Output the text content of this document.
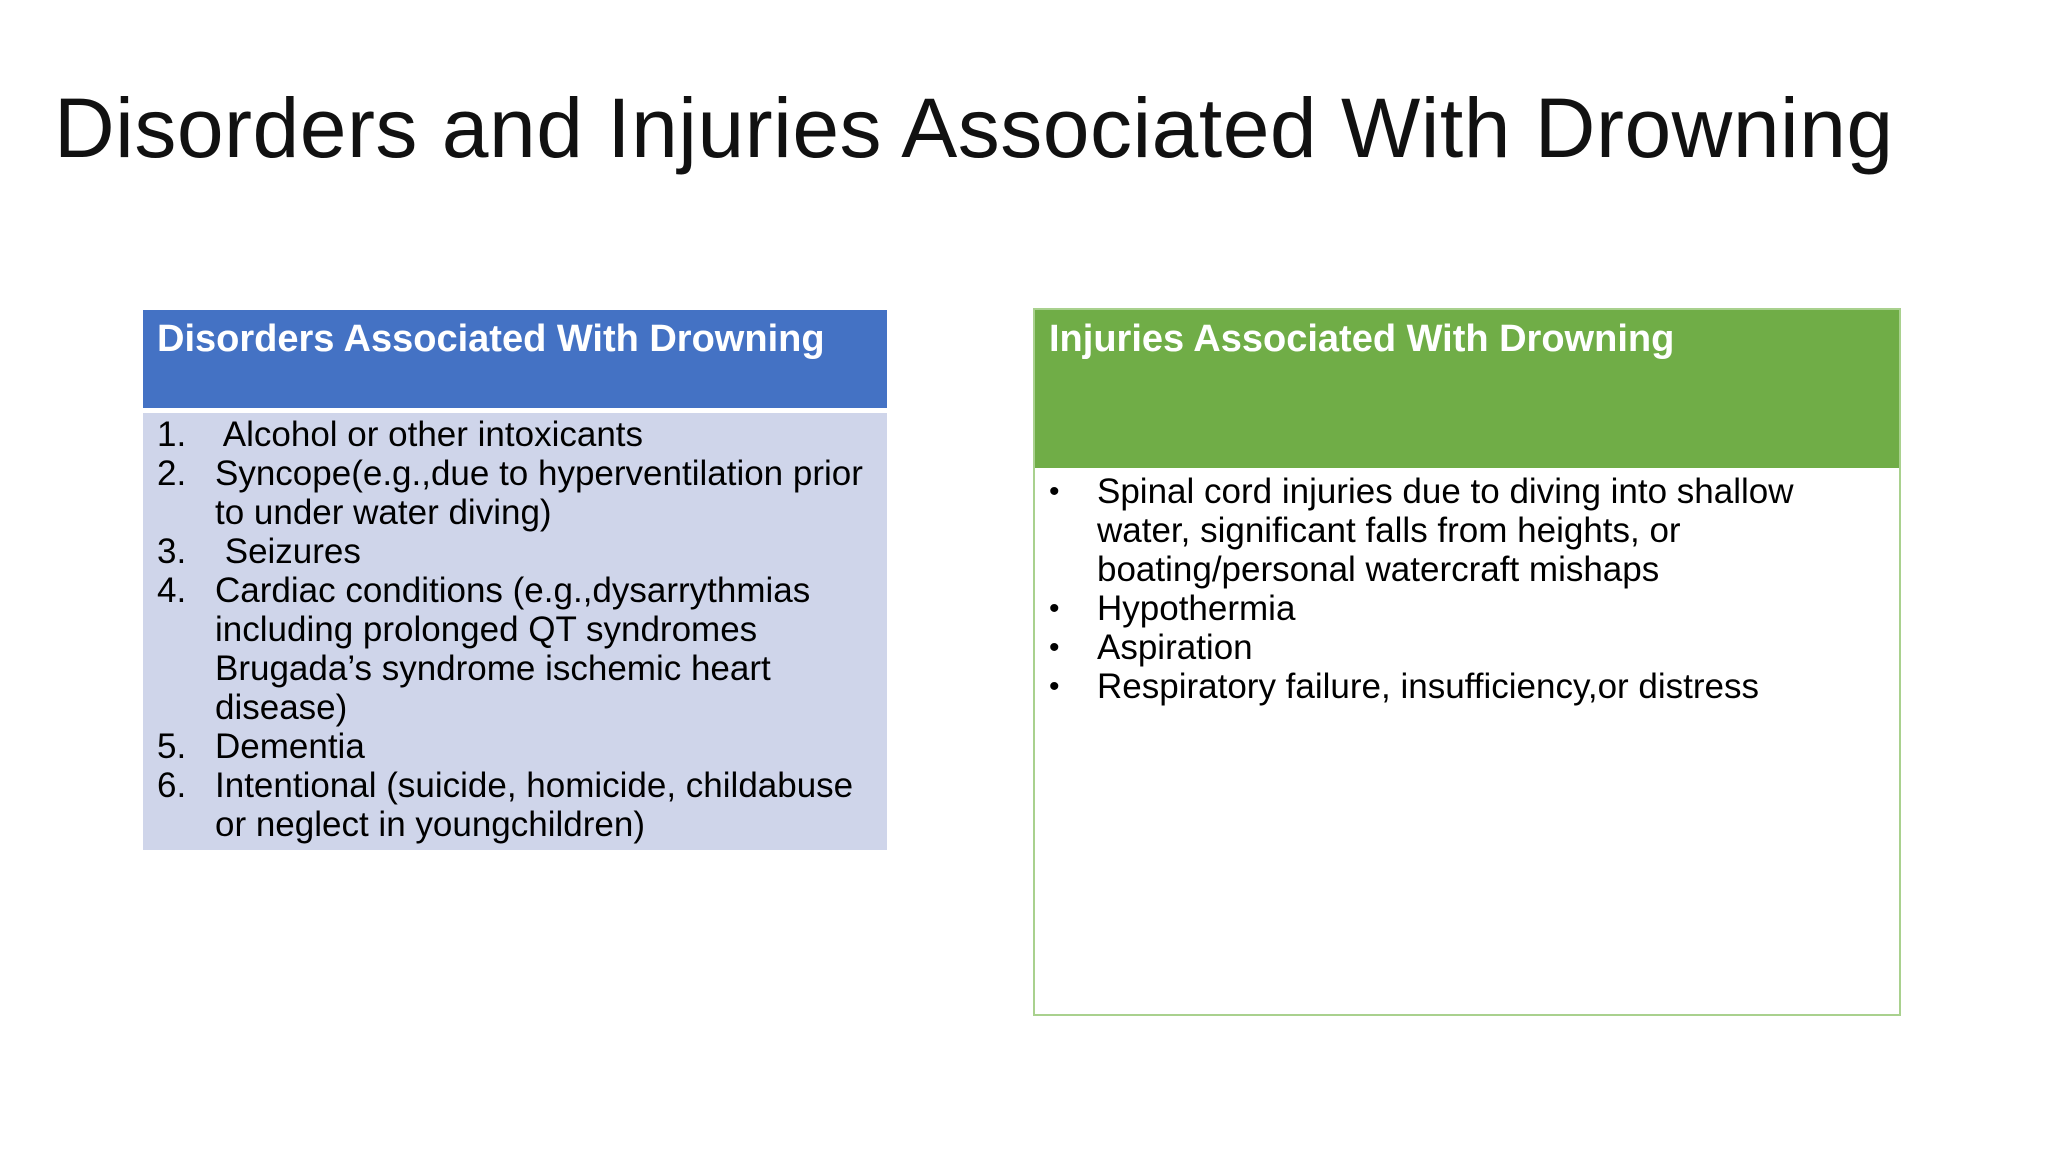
Disorders and Injuries Associated With Drowning
Disorders Associated With Drowning
1. Alcohol or other intoxicants
2. Syncope(e.g.,due to hyperventilation prior to under water diving)
3. Seizures
4. Cardiac conditions (e.g.,dysarrythmias including prolonged QT syndromes Brugada’s syndrome ischemic heart disease)
5. Dementia
6. Intentional (suicide, homicide, childabuse or neglect in youngchildren)
Injuries Associated With Drowning
•	Spinal cord injuries due to diving into shallow water, significant falls from heights, or boating/personal watercraft mishaps
•	Hypothermia
•	Aspiration
•	Respiratory failure, insufficiency,or distress
